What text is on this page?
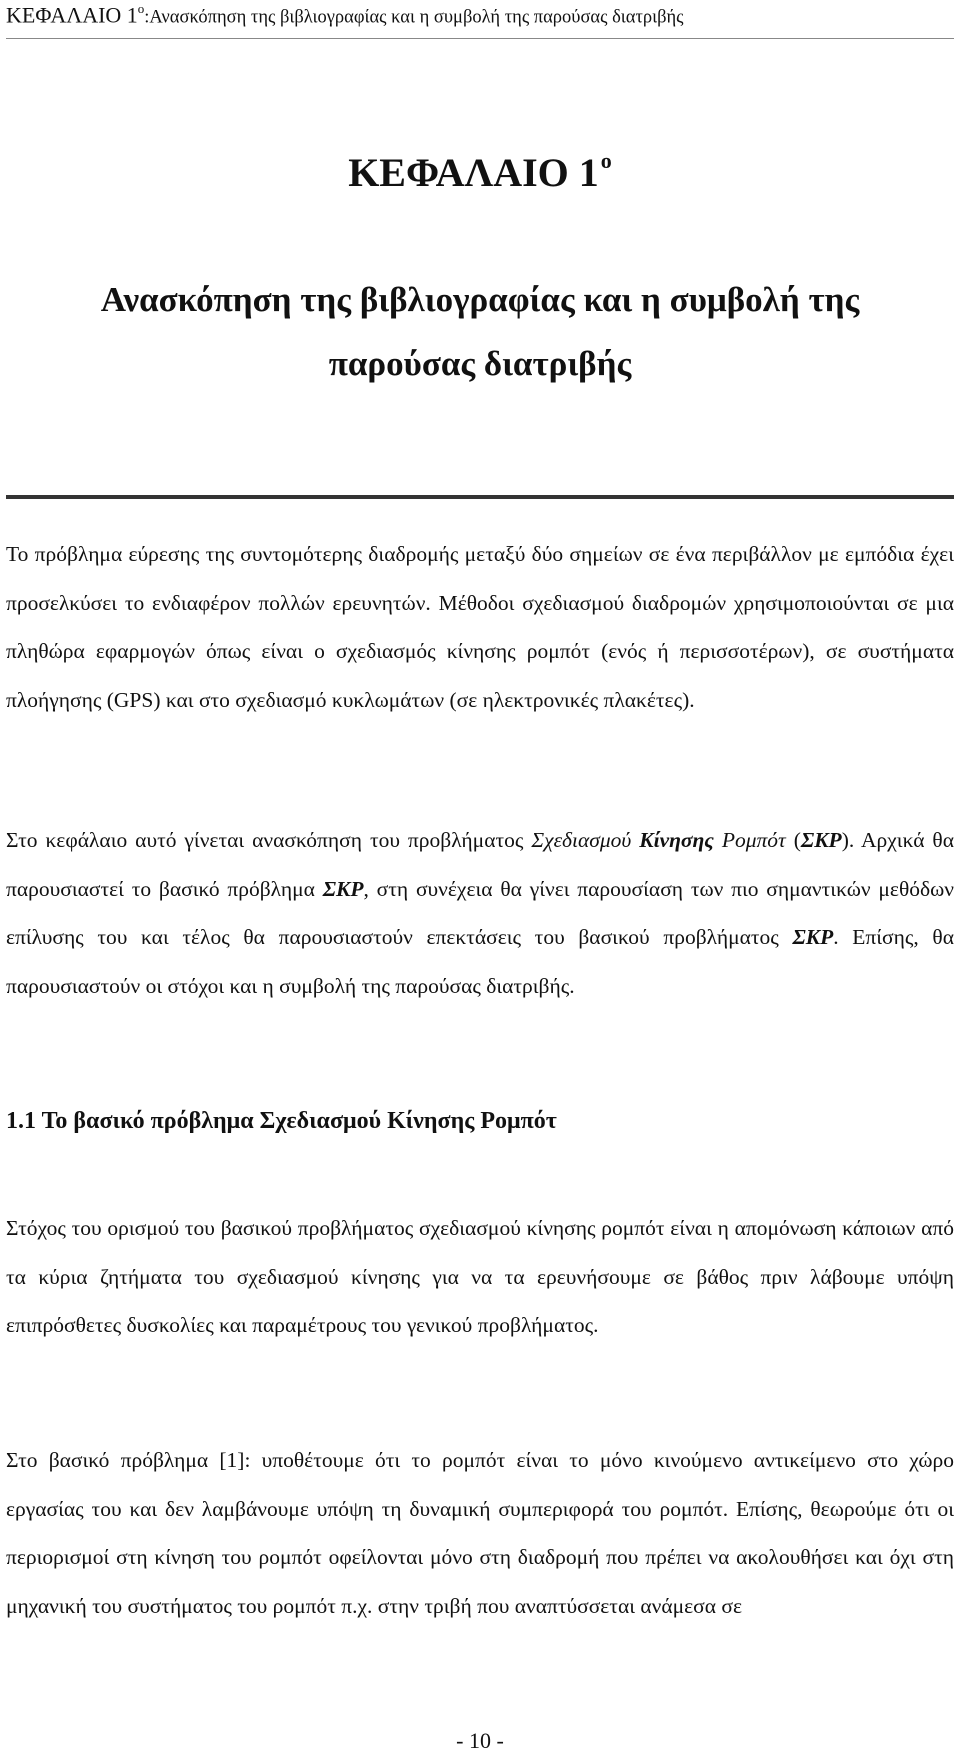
ΚΕΦΑΛΑΙΟ $1^o:A\nu\alpha\sigma\kappa ό\pi\eta\sigma\eta$ της βιβλιογραφίας και η συμβολή της παρούσας διατριβής
ΚΕΦΑΛΑΙΟ $1^o$
Ανασκόπηση της βιβλιογραφίας και η συμβολή της
παρούσας διατριβής

Το πρόβλημα εύρεσης της συντομότερης διαδρομής μεταξύ δύο σημείων σε ένα περιβάλλον με εμπόδια έχει προσελκύσει το ενδιαφέρον πολλών ερευνητών. Μέθοδοι σχεδιασμού διαδρομών χρησιμοποιούνται σε μια πληθώρα εφαρμογών όπως είναι ο σχεδιασμός κίνησης ρομπότ (ενός ή περισσοτέρων), σε συστήματα πλοήγησης (GPS) και στο σχεδιασμό κυκλωμάτων (σε ηλεκτρονικές πλακέτες).

Στο κεφάλαιο αυτό γίνεται ανασκόπηση του προβλήματος Σχεδιασμού Κίνησης Ρομπότ (ΣΚΡ). Αρχικά θα παρουσιαστεί το βασικό πρόβλημα ΣΚΡ, στη συνέχεια θα γίνει παρουσίαση των πιο σημαντικών μεθόδων επίλυσης του και τέλος θα παρουσιαστούν επεκτάσεις του βασικού προβλήματος ΣΚΡ. Επίσης, θα παρουσιαστούν οι στόχοι και η συμβολή της παρούσας διατριβής.

1.1 Το βασικό πρόβλημα Σχεδιασμού Κίνησης Ρομπότ

Στόχος του ορισμού του βασικού προβλήματος σχεδιασμού κίνησης ρομπότ είναι η απομόνωση κάποιων από τα κύρια ζητήματα του σχεδιασμού κίνησης για να τα ερευνήσουμε σε βάθος πριν λάβουμε υπόψη επιπρόσθετες δυσκολίες και παραμέτρους του γενικού προβλήματος.

Στο βασικό πρόβλημα [1]: υποθέτουμε ότι το ρομπότ είναι το μόνο κινούμενο αντικείμενο στο χώρο εργασίας του και δεν λαμβάνουμε υπόψη τη δυναμική συμπεριφορά του ρομπότ. Επίσης, θεωρούμε ότι οι περιορισμοί στη κίνηση του ρομπότ οφείλονται μόνο στη διαδρομή που πρέπει να ακολουθήσει και όχι στη μηχανική του συστήματος του ρομπότ π.χ. στην τριβή που αναπτύσσεται ανάμεσα σε

- 10 -
